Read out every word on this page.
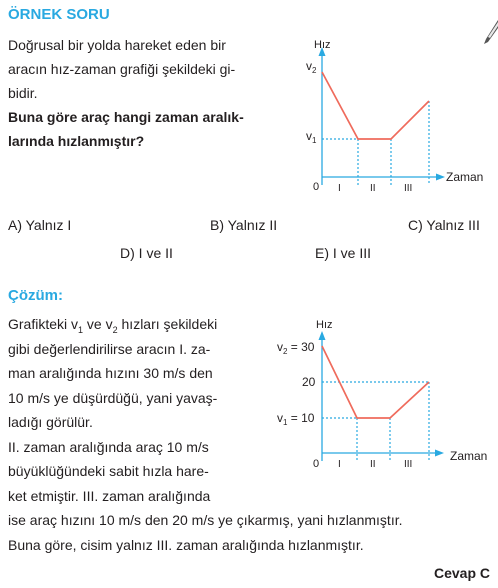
ÖRNEK SORU
Doğrusal bir yolda hareket eden bir
aracın hız-zaman grafiği şekildeki gi-
bidir.
Buna göre araç hangi zaman aralık-
larında hızlanmıştır?
Hız
Zaman
$v_2$
$v_1$
0 I	II	III
A) Yalnız I	B) Yalnız II	C) Yalnız III
D) I ve II	E) I ve III
Çözüm:
Grafikteki $v_1$ ve $v_2$ hızları şekildeki
gibi değerlendirilirse aracın I. za-
man aralığında hızını 30 m/s den
10 m/s ye düşürdüğü, yani yavaş-
ladığı görülür.
II. zaman aralığında araç 10 m/s
büyüklüğündeki sabit hızla hare-
ket etmiştir. III. zaman aralığında
ise araç hızını 10 m/s den 20 m/s ye çıkarmış, yani hızlanmıştır.
Buna göre, cisim yalnız III. zaman aralığında hızlanmıştır.
Hız
Zaman
$v_2 = 30$
20
$v_1 = 10$
0 I	II	III
Cevap C
